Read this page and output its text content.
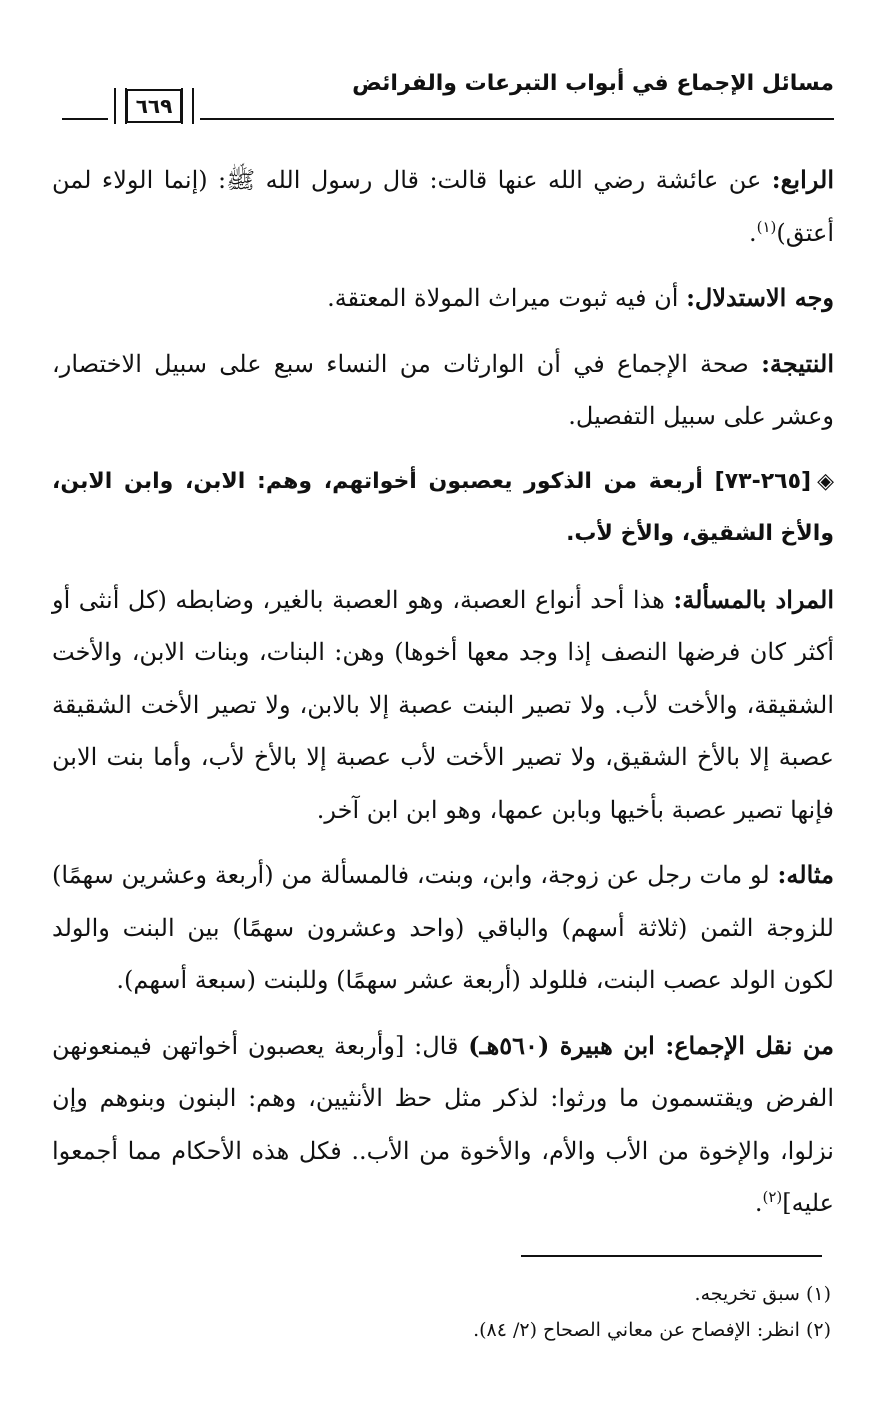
مسائل الإجماع في أبواب التبرعات والفرائض
٦٦٩

الرابع: عن عائشة رضي الله عنها قالت: قال رسول الله ﷺ: (إنما الولاء لمن أعتق)$^{(١)}$.

وجه الاستدلال: أن فيه ثبوت ميراث المولاة المعتقة.

النتيجة: صحة الإجماع في أن الوارثات من النساء سبع على سبيل الاختصار، وعشر على سبيل التفصيل.

◈[٢٦٥-٧٣] أربعة من الذكور يعصبون أخواتهم، وهم: الابن، وابن الابن، والأخ الشقيق، والأخ لأب.

المراد بالمسألة: هذا أحد أنواع العصبة، وهو العصبة بالغير، وضابطه (كل أنثى أو أكثر كان فرضها النصف إذا وجد معها أخوها) وهن: البنات، وبنات الابن، والأخت الشقيقة، والأخت لأب. ولا تصير البنت عصبة إلا بالابن، ولا تصير الأخت الشقيقة عصبة إلا بالأخ الشقيق، ولا تصير الأخت لأب عصبة إلا بالأخ لأب، وأما بنت الابن فإنها تصير عصبة بأخيها وبابن عمها، وهو ابن ابن آخر.

مثاله: لو مات رجل عن زوجة، وابن، وبنت، فالمسألة من (أربعة وعشرين سهمًا) للزوجة الثمن (ثلاثة أسهم) والباقي (واحد وعشرون سهمًا) بين البنت والولد لكون الولد عصب البنت، فللولد (أربعة عشر سهمًا) وللبنت (سبعة أسهم).

من نقل الإجماع: ابن هبيرة (٥٦٠هـ) قال: [وأربعة يعصبون أخواتهن فيمنعونهن الفرض ويقتسمون ما ورثوا: لذكر مثل حظ الأنثيين، وهم: البنون وبنوهم وإن نزلوا، والإخوة من الأب والأم، والأخوة من الأب.. فكل هذه الأحكام مما أجمعوا عليه]$^{(٢)}$.

(١) سبق تخريجه.
(٢) انظر: الإفصاح عن معاني الصحاح (٢/ ٨٤).
